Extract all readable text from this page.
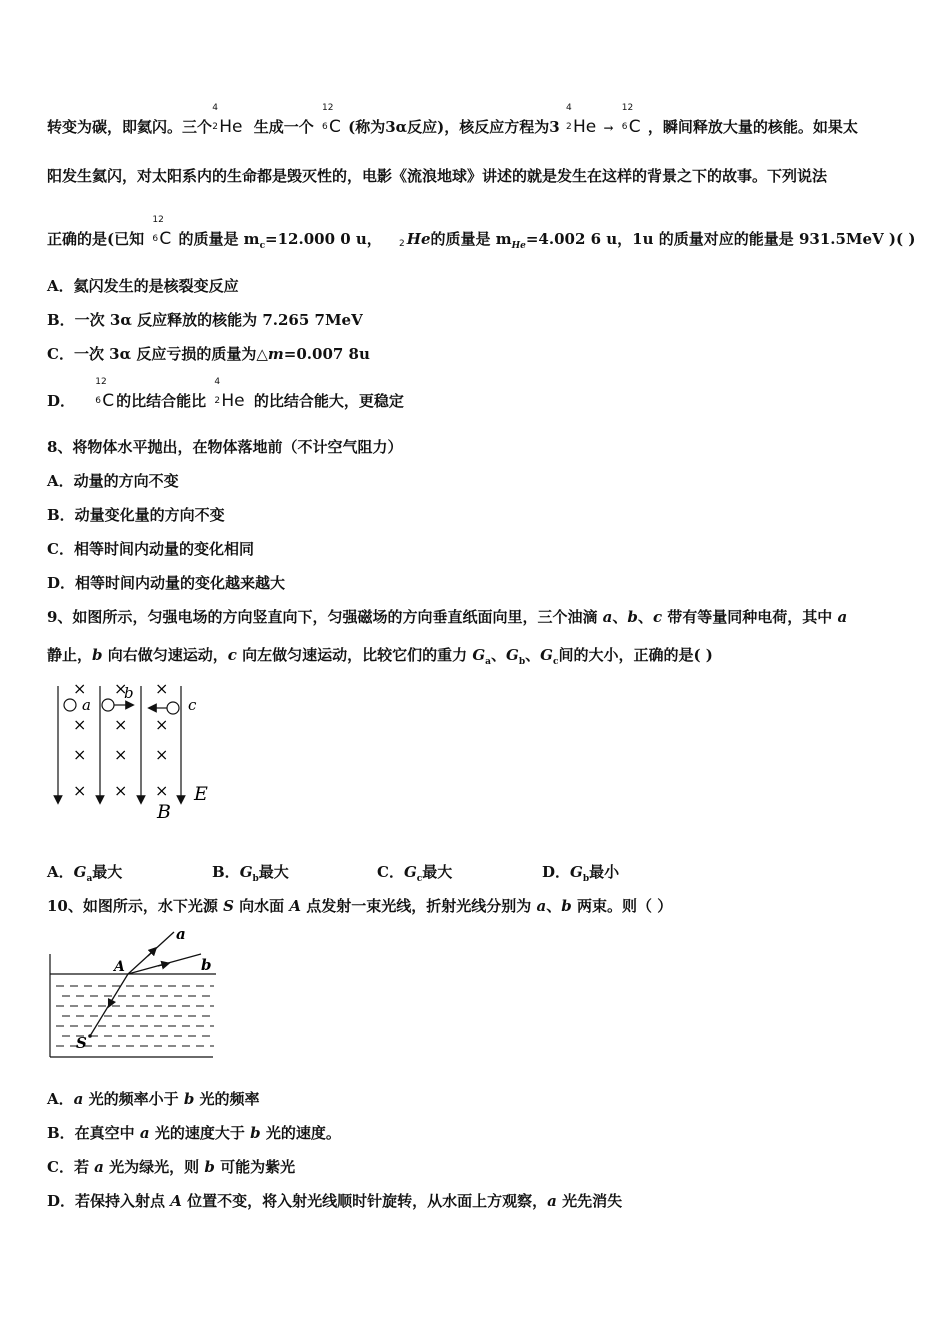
转变为碳，即氦闪。三个
4
2 He 生成一个
12
6 C (称为3α反应)，核反应方程为3
4
2 He →
12
6 C ，瞬间释放大量的核能。如果太
阳发生氦闪，对太阳系内的生命都是毁灭性的，电影《流浪地球》讲述的就是发生在这样的背景之下的故事。下列说法
正确的是(已知
12
6 C 的质量是 $m_c=12.000$ 0 u， 2 He的质量是 $m_{He}=4.002$ 6 u，1u 的质量对应的能量是 931.5MeV )( )
A．氦闪发生的是核裂变反应
B．一次 3α 反应释放的核能为 7.265 7MeV
C．一次 3α 反应亏损的质量为△m=0.007 8u
D．
12
6 C 的比结合能比
4
2 He 的比结合能大，更稳定
8、将物体水平抛出，在物体落地前（不计空气阻力）
A．动量的方向不变
B．动量变化量的方向不变
C．相等时间内动量的变化相同
D．相等时间内动量的变化越来越大
9、如图所示，匀强电场的方向竖直向下，匀强磁场的方向垂直纸面向里，三个油滴 a、b、c 带有等量同种电荷，其中 a
静止，b 向右做匀速运动，c 向左做匀速运动，比较它们的重力 $G_a$、$G_b$、$G_c$间的大小，正确的是( )
× × ×
× × ×
× × ×
× × ×
a
b
c
E
B
A．$G_a$最大	B．$G_b$最大	C．$G_c$最大	D．$G_b$最小
10、如图所示，水下光源 S 向水面 A 点发射一束光线，折射光线分别为 a、b 两束。则（ ）
A
a
b
S
A．a 光的频率小于 b 光的频率
B．在真空中 a 光的速度大于 b 光的速度。
C．若 a 光为绿光，则 b 可能为紫光
D．若保持入射点 A 位置不变，将入射光线顺时针旋转，从水面上方观察，a 光先消失
